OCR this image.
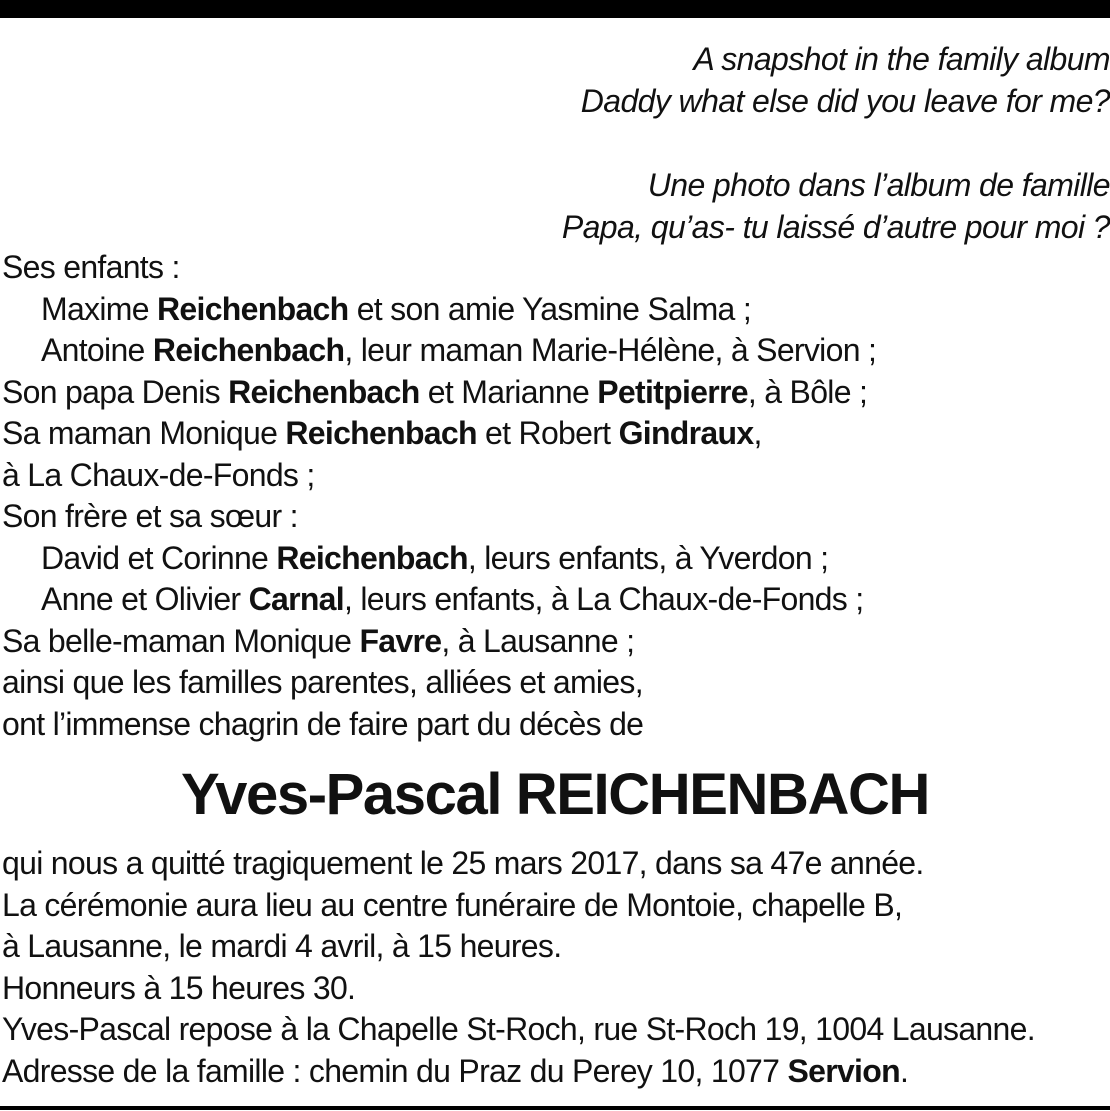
A snapshot in the family album
Daddy what else did you leave for me?
Une photo dans l’album de famille
Papa, qu’as- tu laissé d’autre pour moi ?
Ses enfants :
Maxime Reichenbach et son amie Yasmine Salma ;
Antoine Reichenbach, leur maman Marie-Hélène, à Servion ;
Son papa Denis Reichenbach et Marianne Petitpierre, à Bôle ;
Sa maman Monique Reichenbach et Robert Gindraux,
à La Chaux-de-Fonds ;
Son frère et sa sœur :
David et Corinne Reichenbach, leurs enfants, à Yverdon ;
Anne et Olivier Carnal, leurs enfants, à La Chaux-de-Fonds ;
Sa belle-maman Monique Favre, à Lausanne ;
ainsi que les familles parentes, alliées et amies,
ont l’immense chagrin de faire part du décès de
Yves-Pascal REICHENBACH
qui nous a quitté tragiquement le 25 mars 2017, dans sa 47e année.
La cérémonie aura lieu au centre funéraire de Montoie, chapelle B,
à Lausanne, le mardi 4 avril, à 15 heures.
Honneurs à 15 heures 30.
Yves-Pascal repose à la Chapelle St-Roch, rue St-Roch 19, 1004 Lausanne.
Adresse de la famille : chemin du Praz du Perey 10, 1077 Servion.
